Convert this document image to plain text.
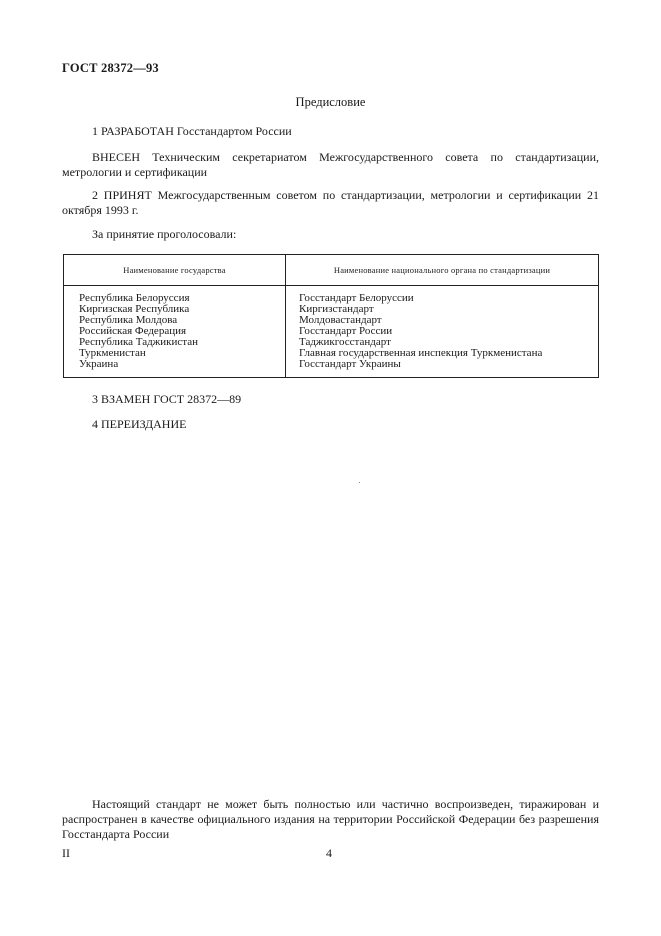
ГОСТ 28372—93
Предисловие
1 РАЗРАБОТАН Госстандартом России
ВНЕСЕН Техническим секретариатом Межгосударственного совета по стандартизации, метрологии и сертификации
2 ПРИНЯТ Межгосударственным советом по стандартизации, метрологии и сертификации 21 октября 1993 г.
За принятие проголосовали:
Наименование государства	Наименование национального органа по стандартизации
Республика Белоруссия
Киргизская Республика
Республика Молдова
Российская Федерация
Республика Таджикистан
Туркменистан
Украина
Госстандарт Белоруссии
Киргизстандарт
Молдовастандарт
Госстандарт России
Таджикгосстандарт
Главная государственная инспекция Туркменистана
Госстандарт Украины
3 ВЗАМЕН ГОСТ 28372—89
4 ПЕРЕИЗДАНИЕ
Настоящий стандарт не может быть полностью или частично воспроизведен, тиражирован и распространен в качестве официального издания на территории Российской Федерации без разрешения Госстандарта России
II	4
